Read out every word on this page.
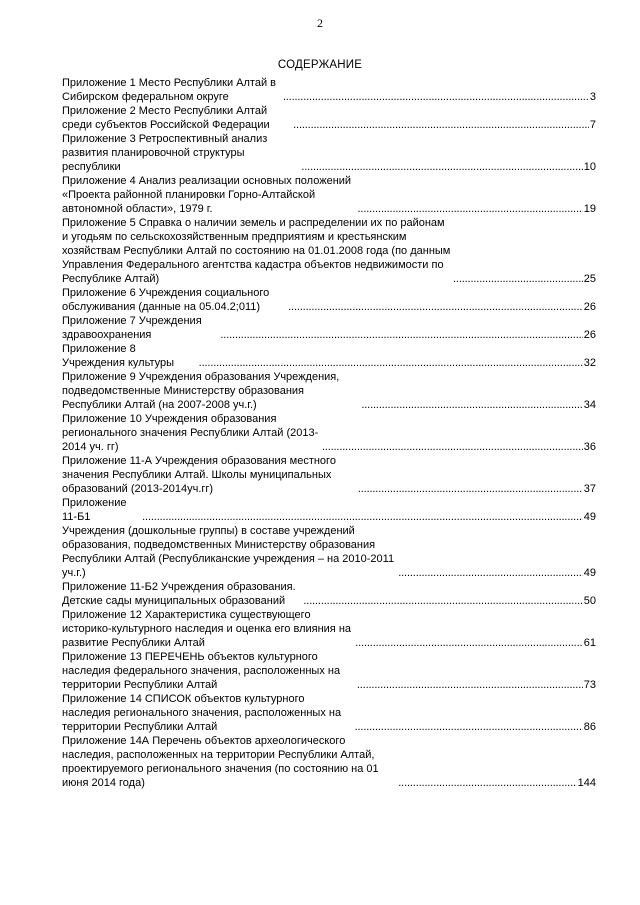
2
СОДЕРЖАНИЕ
Приложение 1 Место Республики Алтай в Сибирском федеральном округе . . .	3
Приложение 2 Место Республики Алтай среди субъектов Российской Федерации . . .	7
Приложение 3 Ретроспективный анализ развития планировочной структуры республики . . .	10
Приложение 4 Анализ реализации основных положений «Проекта районной планировки Горно-Алтайской автономной области», 1979 г. . . .	19
Приложение 5 Справка о наличии земель и распределении их по районам и угодьям по сельскохозяйственным предприятиям и крестьянским хозяйствам Республики Алтай по состоянию на 01.01.2008 года (по данным Управления Федерального агентства кадастра объектов недвижимости по Республике Алтай) . . .	25
Приложение 6 Учреждения социального обслуживания (данные на 05.04.2;011) . . .	26
Приложение 7 Учреждения здравоохранения . . .	26
Приложение 8 Учреждения культуры . . .	32
Приложение 9 Учреждения образования Учреждения, подведомственные Министерству образования Республики Алтай (на 2007-2008 уч.г.) . . .	34
Приложение 10 Учреждения образования регионального значения Республики Алтай (2013-2014 уч. гг) . . .	36
Приложение 11-А Учреждения образования местного значения Республики Алтай. Школы муниципальных образований (2013-2014уч.гг) . . .	37
Приложение 11-Б1 . . .	49
Учреждения (дошкольные группы) в составе учреждений образования, подведомственных Министерству образования Республики Алтай (Республиканские учреждения – на 2010-2011 уч.г.) . . .	49
Приложение 11-Б2 Учреждения образования. Детские сады муниципальных образований . . .	50
Приложение 12 Характеристика существующего историко-культурного наследия и оценка его влияния на развитие Республики Алтай . . .	61
Приложение 13 ПЕРЕЧЕНЬ объектов культурного наследия федерального значения, расположенных на территории Республики Алтай . . .	73
Приложение 14 СПИСОК объектов культурного наследия регионального значения, расположенных на территории Республики Алтай . . .	86
Приложение 14А Перечень объектов археологического наследия, расположенных на территории Республики Алтай, проектируемого регионального значения (по состоянию на 01 июня 2014 года) . . .	144
